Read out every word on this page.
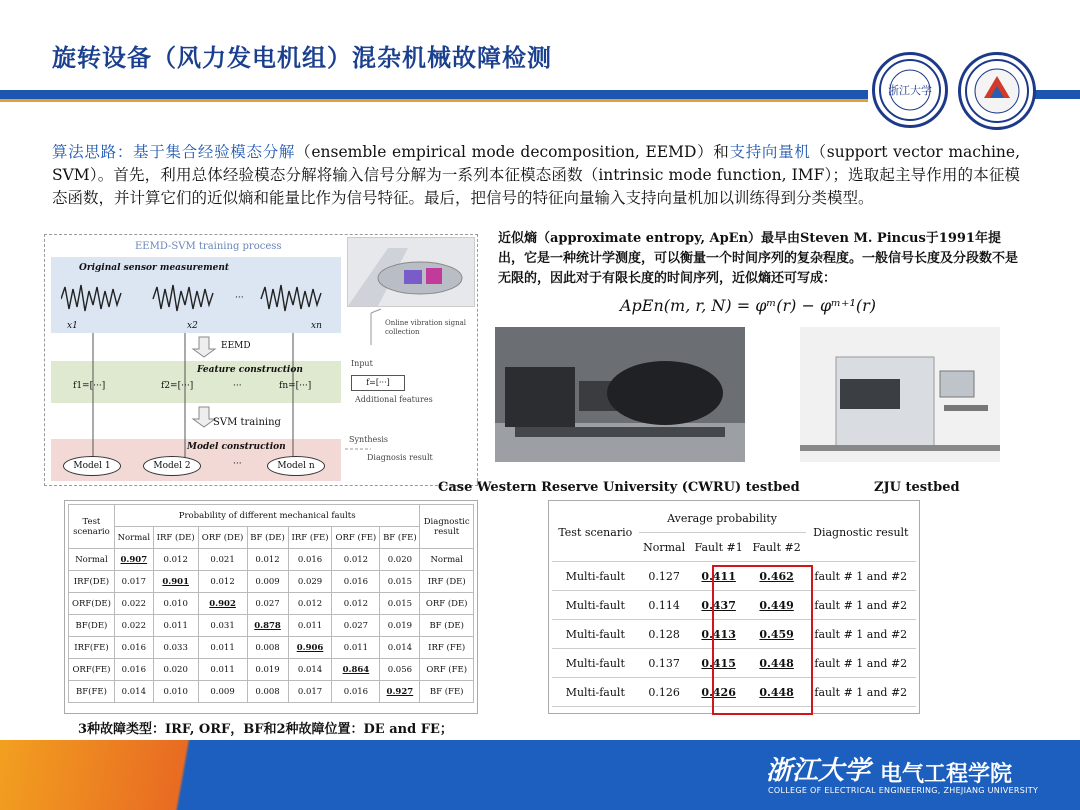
旋转设备（风力发电机组）混杂机械故障检测
浙江大学
算法思路：基于集合经验模态分解（ensemble empirical mode decomposition, EEMD）和支持向量机（support vector machine, SVM）。首先，利用总体经验模态分解将输入信号分解为一系列本征模态函数（intrinsic mode function, IMF）；选取起主导作用的本征模态函数，并计算它们的近似熵和能量比作为信号特征。最后，把信号的特征向量输入支持向量机加以训练得到分类模型。
EEMD-SVM training process
Original sensor measurement
x1	x2
···
xn
EEMD
Feature construction
f1=[···]	f2=[···]	···	fn=[···]
SVM training
Model construction
Model 1	Model 2	···	Model n
Online vibration signal collection
Input
f=[···]
Additional features
Synthesis
Diagnosis result
近似熵（approximate entropy, ApEn）最早由Steven M. Pincus于1991年提出，它是一种统计学测度，可以衡量一个时间序列的复杂程度。一般信号长度及分段数不是无限的，因此对于有限长度的时间序列，近似熵还可写成：
ApEn(m, r, N) = φᵐ(r) − φᵐ⁺¹(r)
Case Western Reserve University (CWRU) testbed	ZJU testbed
Test
scenario	Probability of different mechanical faults							Diagnostic
result
	Normal	IRF (DE)	ORF (DE)	BF (DE)	IRF (FE)	ORF (FE)	BF (FE)	
Normal	0.907	0.012	0.021	0.012	0.016	0.012	0.020	Normal
IRF(DE)	0.017	0.901	0.012	0.009	0.029	0.016	0.015	IRF (DE)
ORF(DE)	0.022	0.010	0.902	0.027	0.012	0.012	0.015	ORF (DE)
BF(DE)	0.022	0.011	0.031	0.878	0.011	0.027	0.019	BF (DE)
IRF(FE)	0.016	0.033	0.011	0.008	0.906	0.011	0.014	IRF (FE)
ORF(FE)	0.016	0.020	0.011	0.019	0.014	0.864	0.056	ORF (FE)
BF(FE)	0.014	0.010	0.009	0.008	0.017	0.016	0.927	BF (FE)
Test scenario	Average probability			Diagnostic result
	Normal	Fault #1	Fault #2	
Multi-fault	0.127	0.411	0.462	fault # 1 and #2
Multi-fault	0.114	0.437	0.449	fault # 1 and #2
Multi-fault	0.128	0.413	0.459	fault # 1 and #2
Multi-fault	0.137	0.415	0.448	fault # 1 and #2
Multi-fault	0.126	0.426	0.448	fault # 1 and #2
3种故障类型：IRF, ORF，BF和2种故障位置：DE and FE；
浙江大学 电气工程学院
COLLEGE OF ELECTRICAL ENGINEERING, ZHEJIANG UNIVERSITY
